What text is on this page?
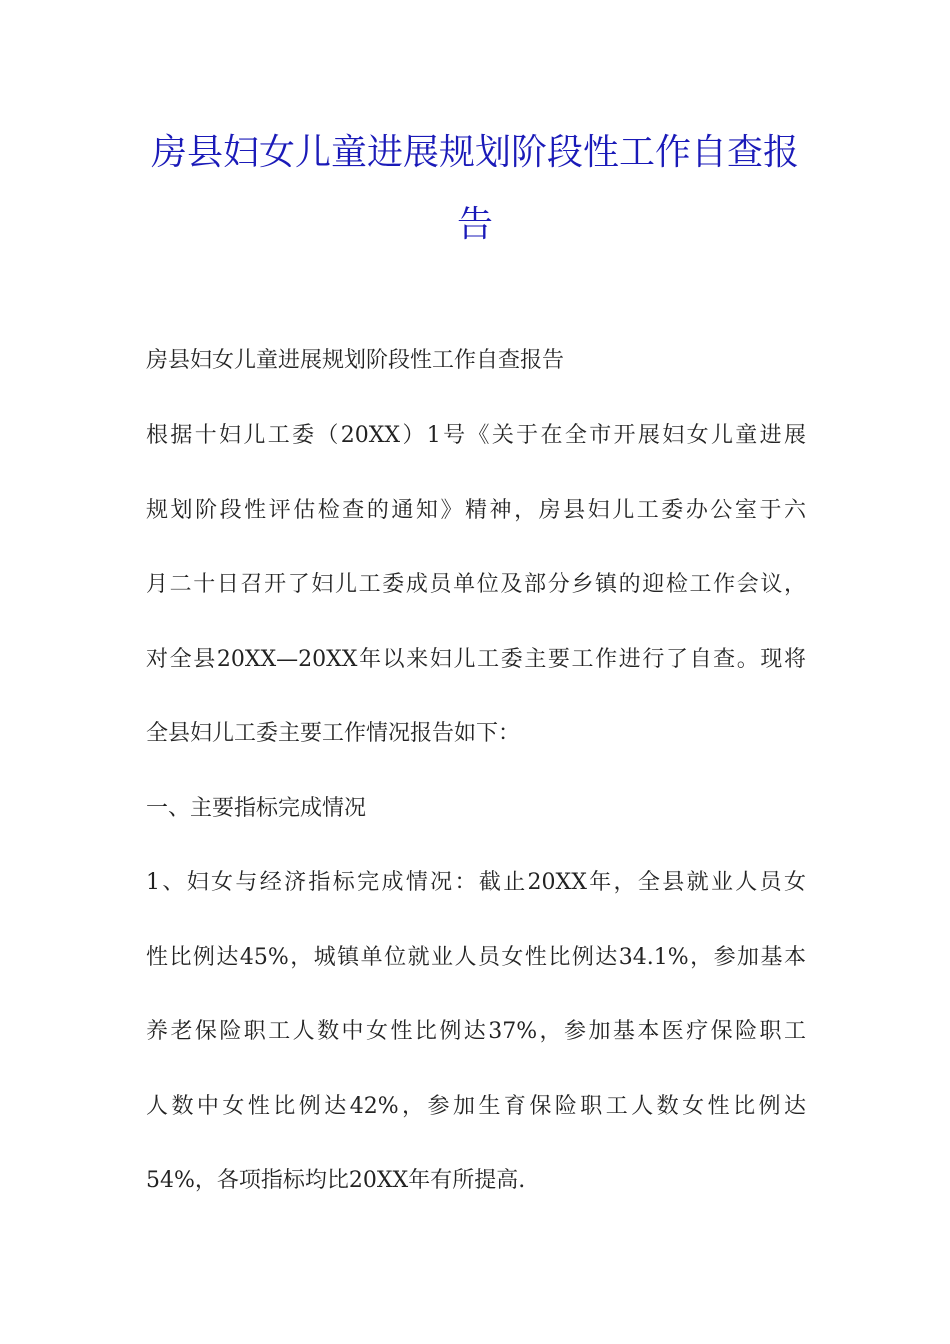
房县妇女儿童进展规划阶段性工作自查报
告
房县妇女儿童进展规划阶段性工作自查报告
根据十妇儿工委（20XX）1号《关于在全市开展妇女儿童进展
规划阶段性评估检查的通知》精神，房县妇儿工委办公室于六
月二十日召开了妇儿工委成员单位及部分乡镇的迎检工作会议，
对全县20XX—20XX年以来妇儿工委主要工作进行了自查。现将
全县妇儿工委主要工作情况报告如下：
一、主要指标完成情况
1、妇女与经济指标完成情况：截止20XX年，全县就业人员女
性比例达45%，城镇单位就业人员女性比例达34.1%，参加基本
养老保险职工人数中女性比例达37%，参加基本医疗保险职工
人数中女性比例达42%，参加生育保险职工人数女性比例达
54%，各项指标均比20XX年有所提高.
